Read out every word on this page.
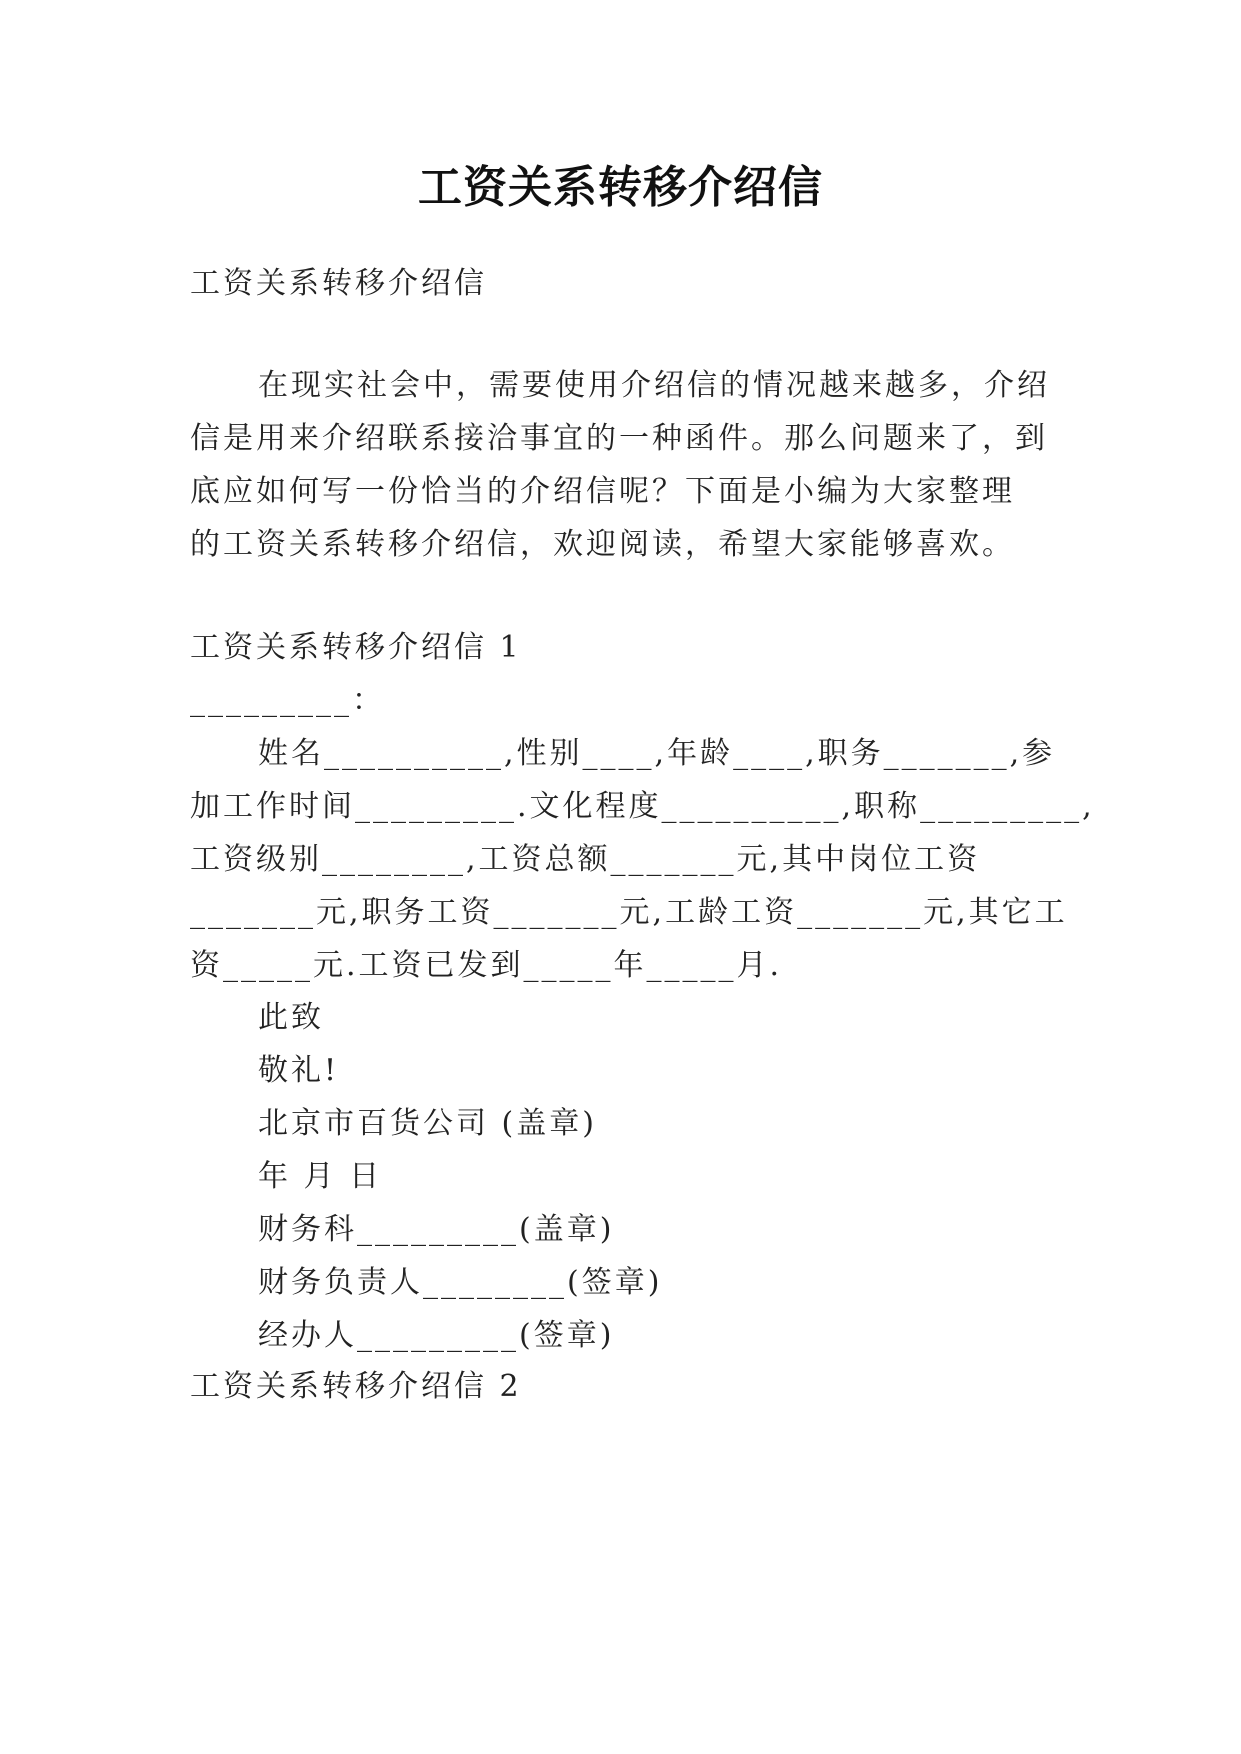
工资关系转移介绍信
工资关系转移介绍信
在现实社会中，需要使用介绍信的情况越来越多，介绍
信是用来介绍联系接洽事宜的一种函件。那么问题来了，到
底应如何写一份恰当的介绍信呢？下面是小编为大家整理
的工资关系转移介绍信，欢迎阅读，希望大家能够喜欢。
工资关系转移介绍信 1
_________：
姓名__________,性别____,年龄____,职务_______,参
加工作时间_________.文化程度__________,职称_________,
工资级别________,工资总额_______元,其中岗位工资
_______元,职务工资_______元,工龄工资_______元,其它工
资_____元.工资已发到_____年_____月.
此致
敬礼!
北京市百货公司 (盖章)
年 月 日
财务科_________(盖章)
财务负责人________(签章)
经办人_________(签章)
工资关系转移介绍信 2
